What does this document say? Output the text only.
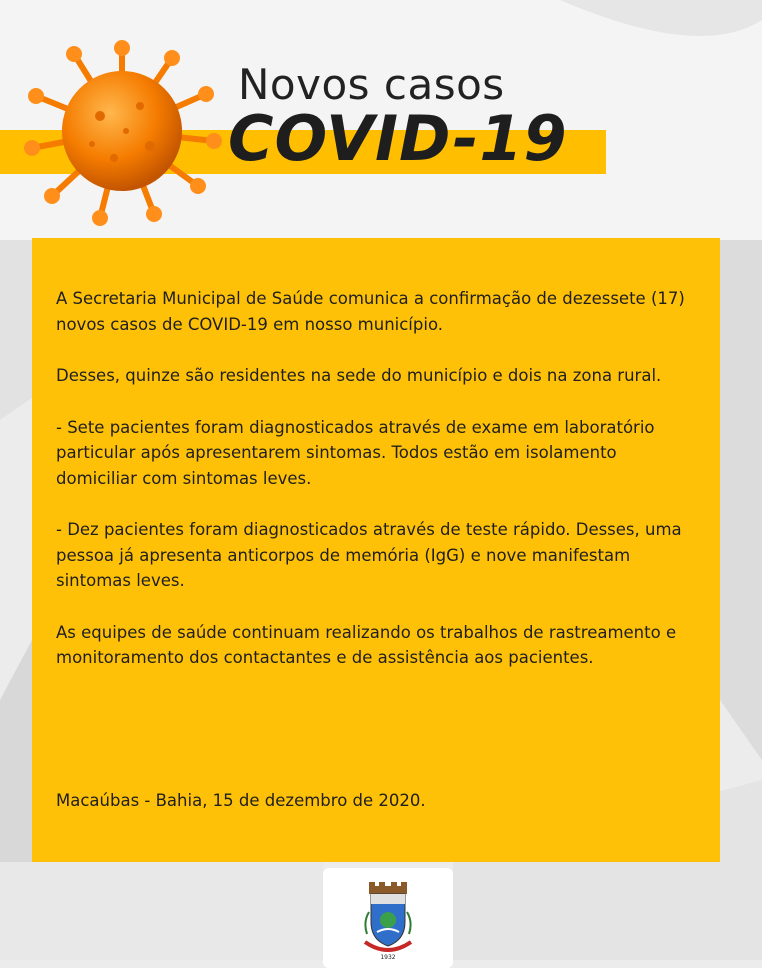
Novos casos
COVID-19

A Secretaria Municipal de Saúde comunica a confirmação de dezessete (17) novos casos de COVID-19 em nosso município.

Desses, quinze são residentes na sede do município e dois na zona rural.

- Sete pacientes foram diagnosticados através de exame em laboratório particular após apresentarem sintomas. Todos estão em isolamento domiciliar com sintomas leves.

- Dez pacientes foram diagnosticados através de teste rápido. Desses, uma pessoa já apresenta anticorpos de memória (IgG) e nove manifestam sintomas leves.

As equipes de saúde continuam realizando os trabalhos de rastreamento e monitoramento dos contactantes e de assistência aos pacientes.

Macaúbas - Bahia, 15 de dezembro de 2020.
1932
